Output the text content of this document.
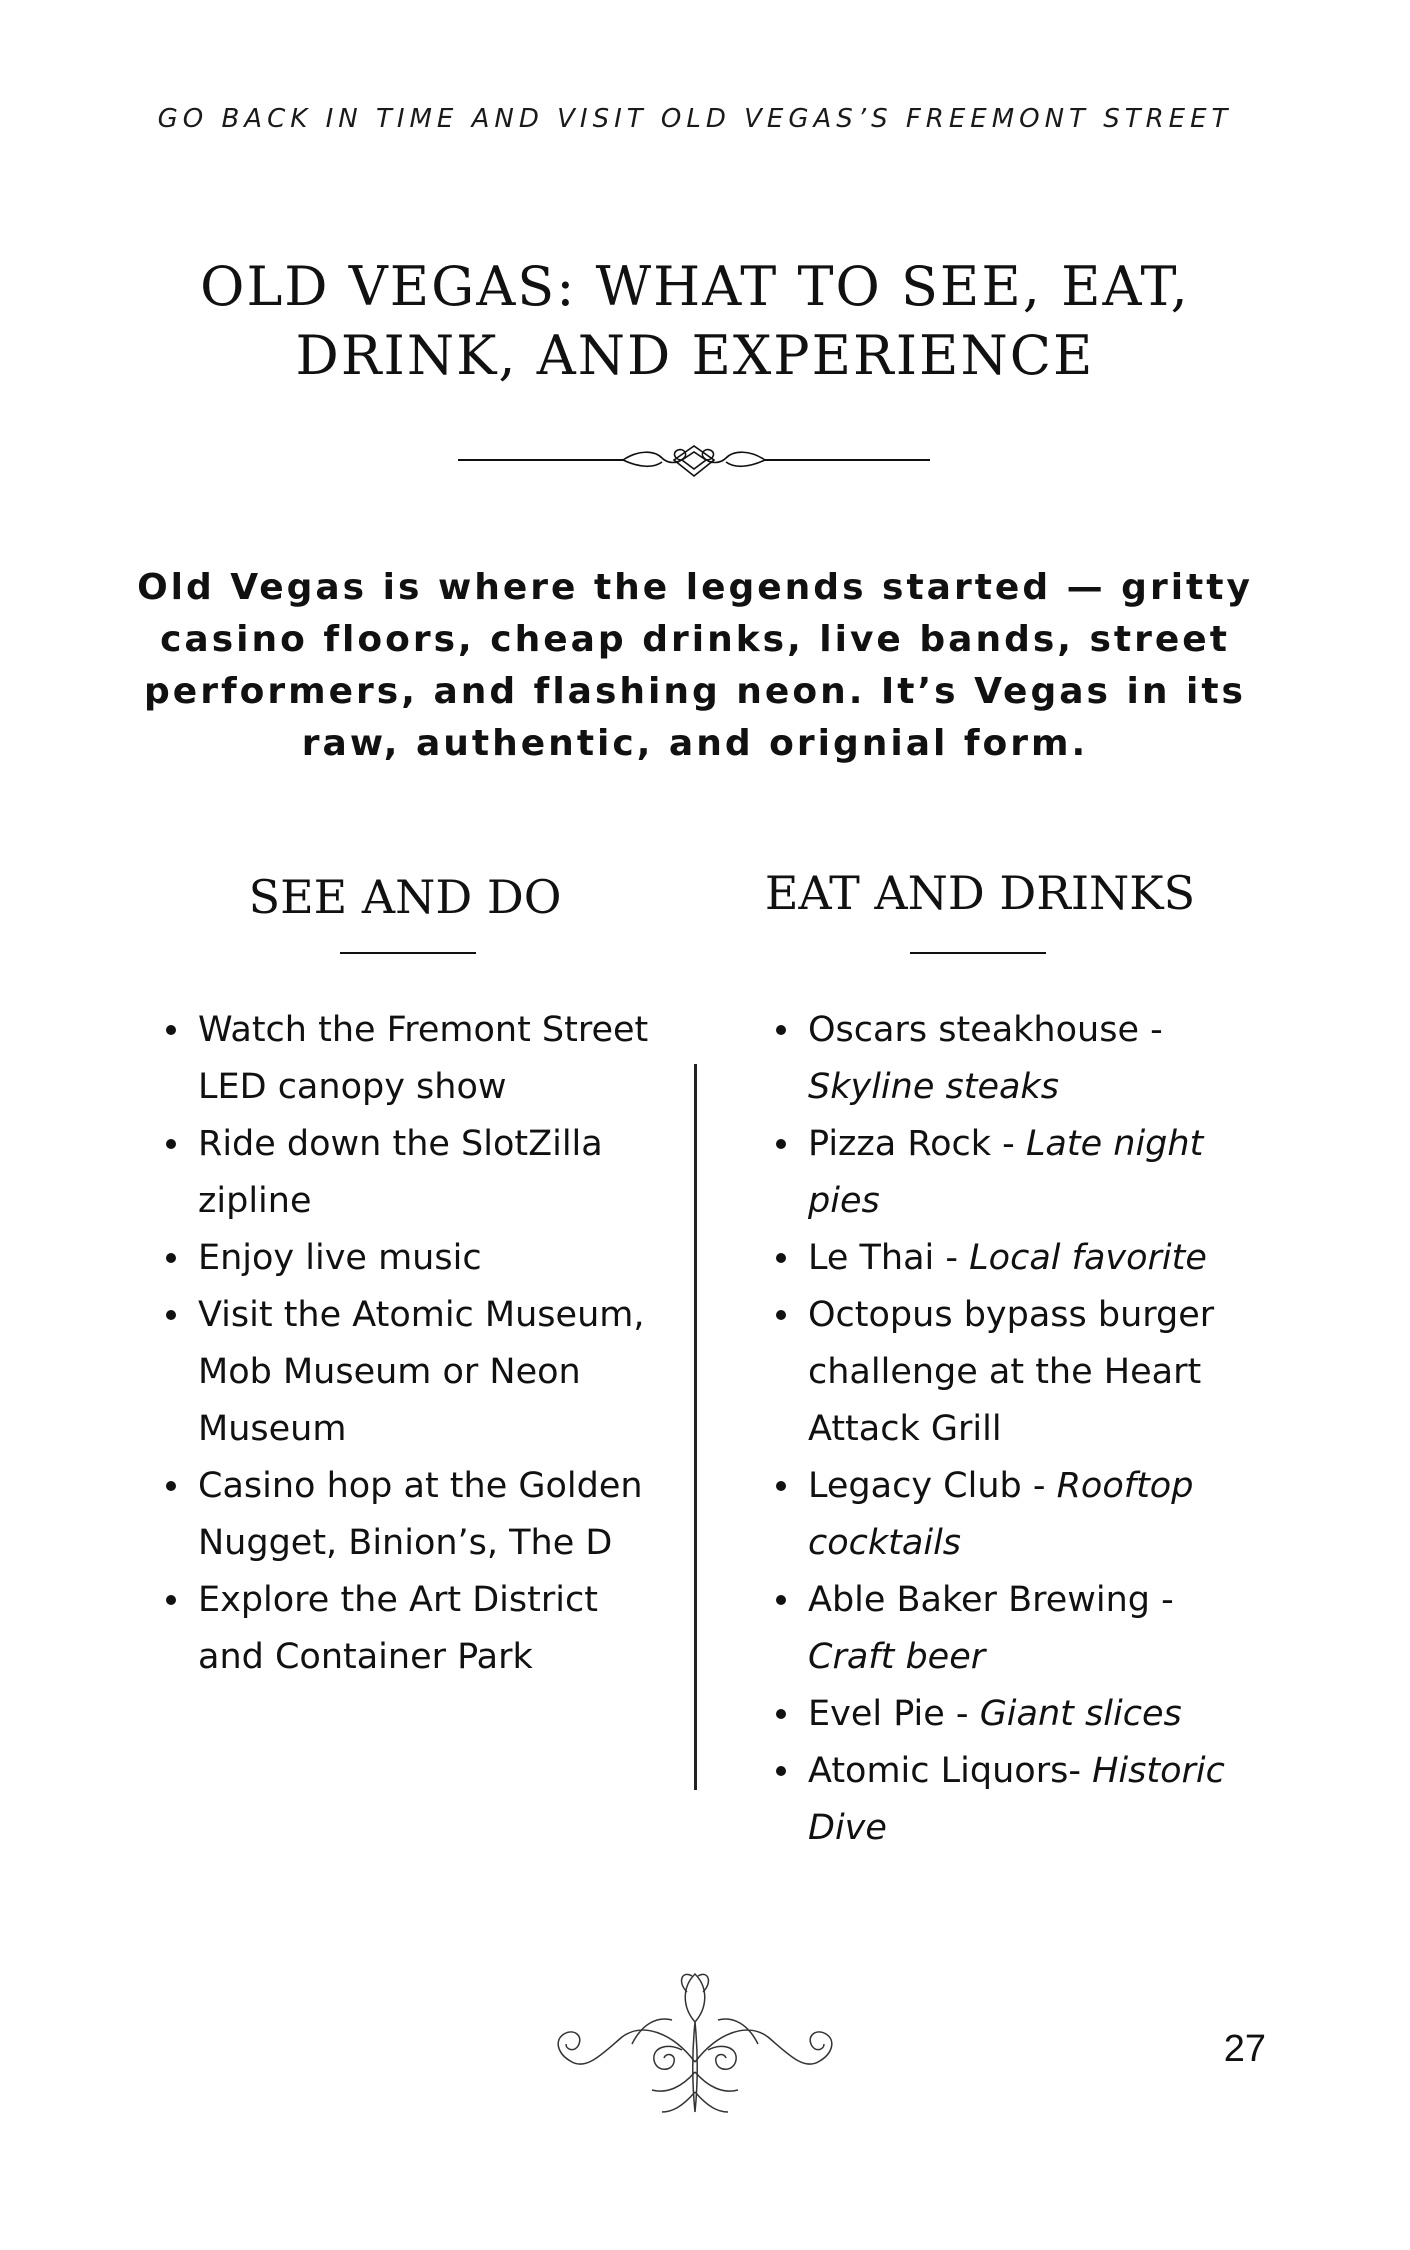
GO BACK IN TIME AND VISIT OLD VEGAS’S FREEMONT STREET
OLD VEGAS: WHAT TO SEE, EAT,
DRINK, AND EXPERIENCE
Old Vegas is where the legends started — gritty casino floors, cheap drinks, live bands, street performers, and flashing neon. It’s Vegas in its raw, authentic, and orignial form.
SEE AND DO	EAT AND DRINKS
Watch the Fremont Street LED canopy show
Ride down the SlotZilla zipline
Enjoy live music
Visit the Atomic Museum, Mob Museum or Neon Museum
Casino hop at the Golden Nugget, Binion’s, The D
Explore the Art District and Container Park
Oscars steakhouse - Skyline steaks
Pizza Rock - Late night pies
Le Thai - Local favorite
Octopus bypass burger challenge at the Heart Attack Grill
Legacy Club - Rooftop cocktails
Able Baker Brewing - Craft beer
Evel Pie - Giant slices
Atomic Liquors- Historic Dive
27
